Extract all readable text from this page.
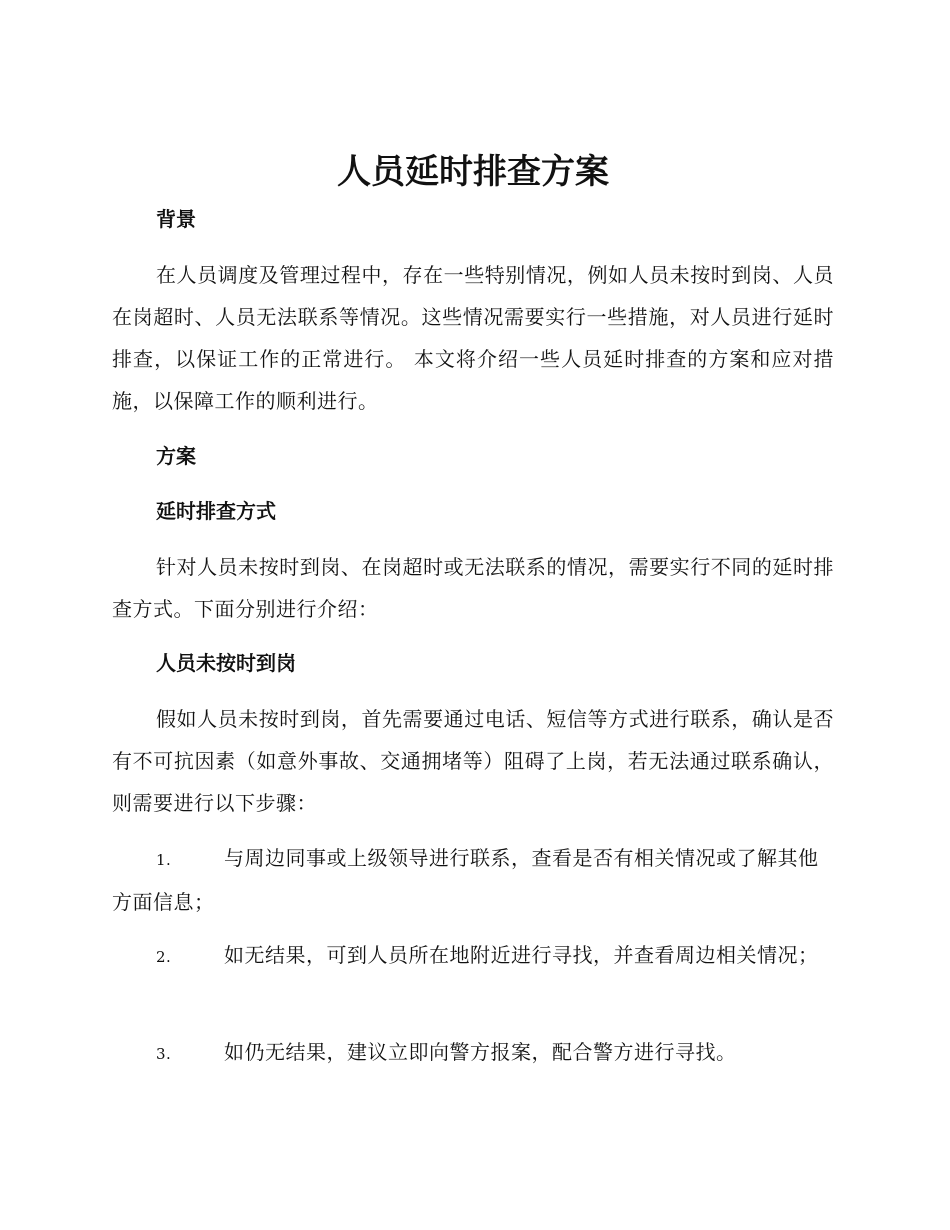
人员延时排查方案
背景

在人员调度及管理过程中，存在一些特别情况，例如人员未按时到岗、人员在岗超时、人员无法联系等情况。这些情况需要实行一些措施，对人员进行延时排查，以保证工作的正常进行。 本文将介绍一些人员延时排查的方案和应对措施，以保障工作的顺利进行。

方案
延时排查方式

针对人员未按时到岗、在岗超时或无法联系的情况，需要实行不同的延时排查方式。下面分别进行介绍：

人员未按时到岗

假如人员未按时到岗，首先需要通过电话、短信等方式进行联系，确认是否有不可抗因素（如意外事故、交通拥堵等）阻碍了上岗，若无法通过联系确认，则需要进行以下步骤：

1.	与周边同事或上级领导进行联系，查看是否有相关情况或了解其他方面信息；

2.	如无结果，可到人员所在地附近进行寻找，并查看周边相关情况；

3.	如仍无结果，建议立即向警方报案，配合警方进行寻找。
